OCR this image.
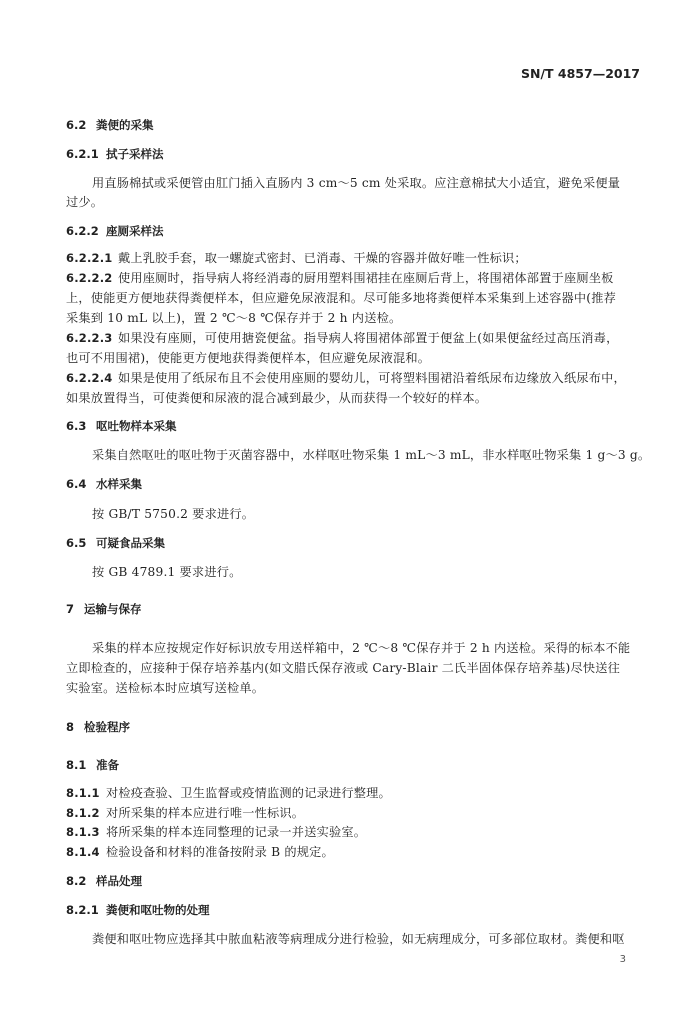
SN/T 4857—2017
6.2 粪便的采集
6.2.1 拭子采样法
用直肠棉拭或采便管由肛门插入直肠内 3 cm～5 cm 处采取。应注意棉拭大小适宜，避免采便量
过少。
6.2.2 座厕采样法
6.2.2.1 戴上乳胶手套，取一螺旋式密封、已消毒、干燥的容器并做好唯一性标识；
6.2.2.2 使用座厕时，指导病人将经消毒的厨用塑料围裙挂在座厕后背上，将围裙体部置于座厕坐板
上，使能更方便地获得粪便样本，但应避免尿液混和。尽可能多地将粪便样本采集到上述容器中(推荐
采集到 10 mL 以上)，置 2 ℃～8 ℃保存并于 2 h 内送检。
6.2.2.3 如果没有座厕，可使用搪瓷便盆。指导病人将围裙体部置于便盆上(如果便盆经过高压消毒，
也可不用围裙)，使能更方便地获得粪便样本，但应避免尿液混和。
6.2.2.4 如果是使用了纸尿布且不会使用座厕的婴幼儿，可将塑料围裙沿着纸尿布边缘放入纸尿布中，
如果放置得当，可使粪便和尿液的混合减到最少，从而获得一个较好的样本。
6.3 呕吐物样本采集
采集自然呕吐的呕吐物于灭菌容器中，水样呕吐物采集 1 mL～3 mL，非水样呕吐物采集 1 g～3 g。
6.4 水样采集
按 GB/T 5750.2 要求进行。
6.5 可疑食品采集
按 GB 4789.1 要求进行。
7 运输与保存
采集的样本应按规定作好标识放专用送样箱中，2 ℃～8 ℃保存并于 2 h 内送检。采得的标本不能
立即检查的，应接种于保存培养基内(如文腊氏保存液或 Cary-Blair 二氏半固体保存培养基)尽快送往
实验室。送检标本时应填写送检单。
8 检验程序
8.1 准备
8.1.1 对检疫查验、卫生监督或疫情监测的记录进行整理。
8.1.2 对所采集的样本应进行唯一性标识。
8.1.3 将所采集的样本连同整理的记录一并送实验室。
8.1.4 检验设备和材料的准备按附录 B 的规定。
8.2 样品处理
8.2.1 粪便和呕吐物的处理
粪便和呕吐物应选择其中脓血粘液等病理成分进行检验，如无病理成分，可多部位取材。粪便和呕
3
